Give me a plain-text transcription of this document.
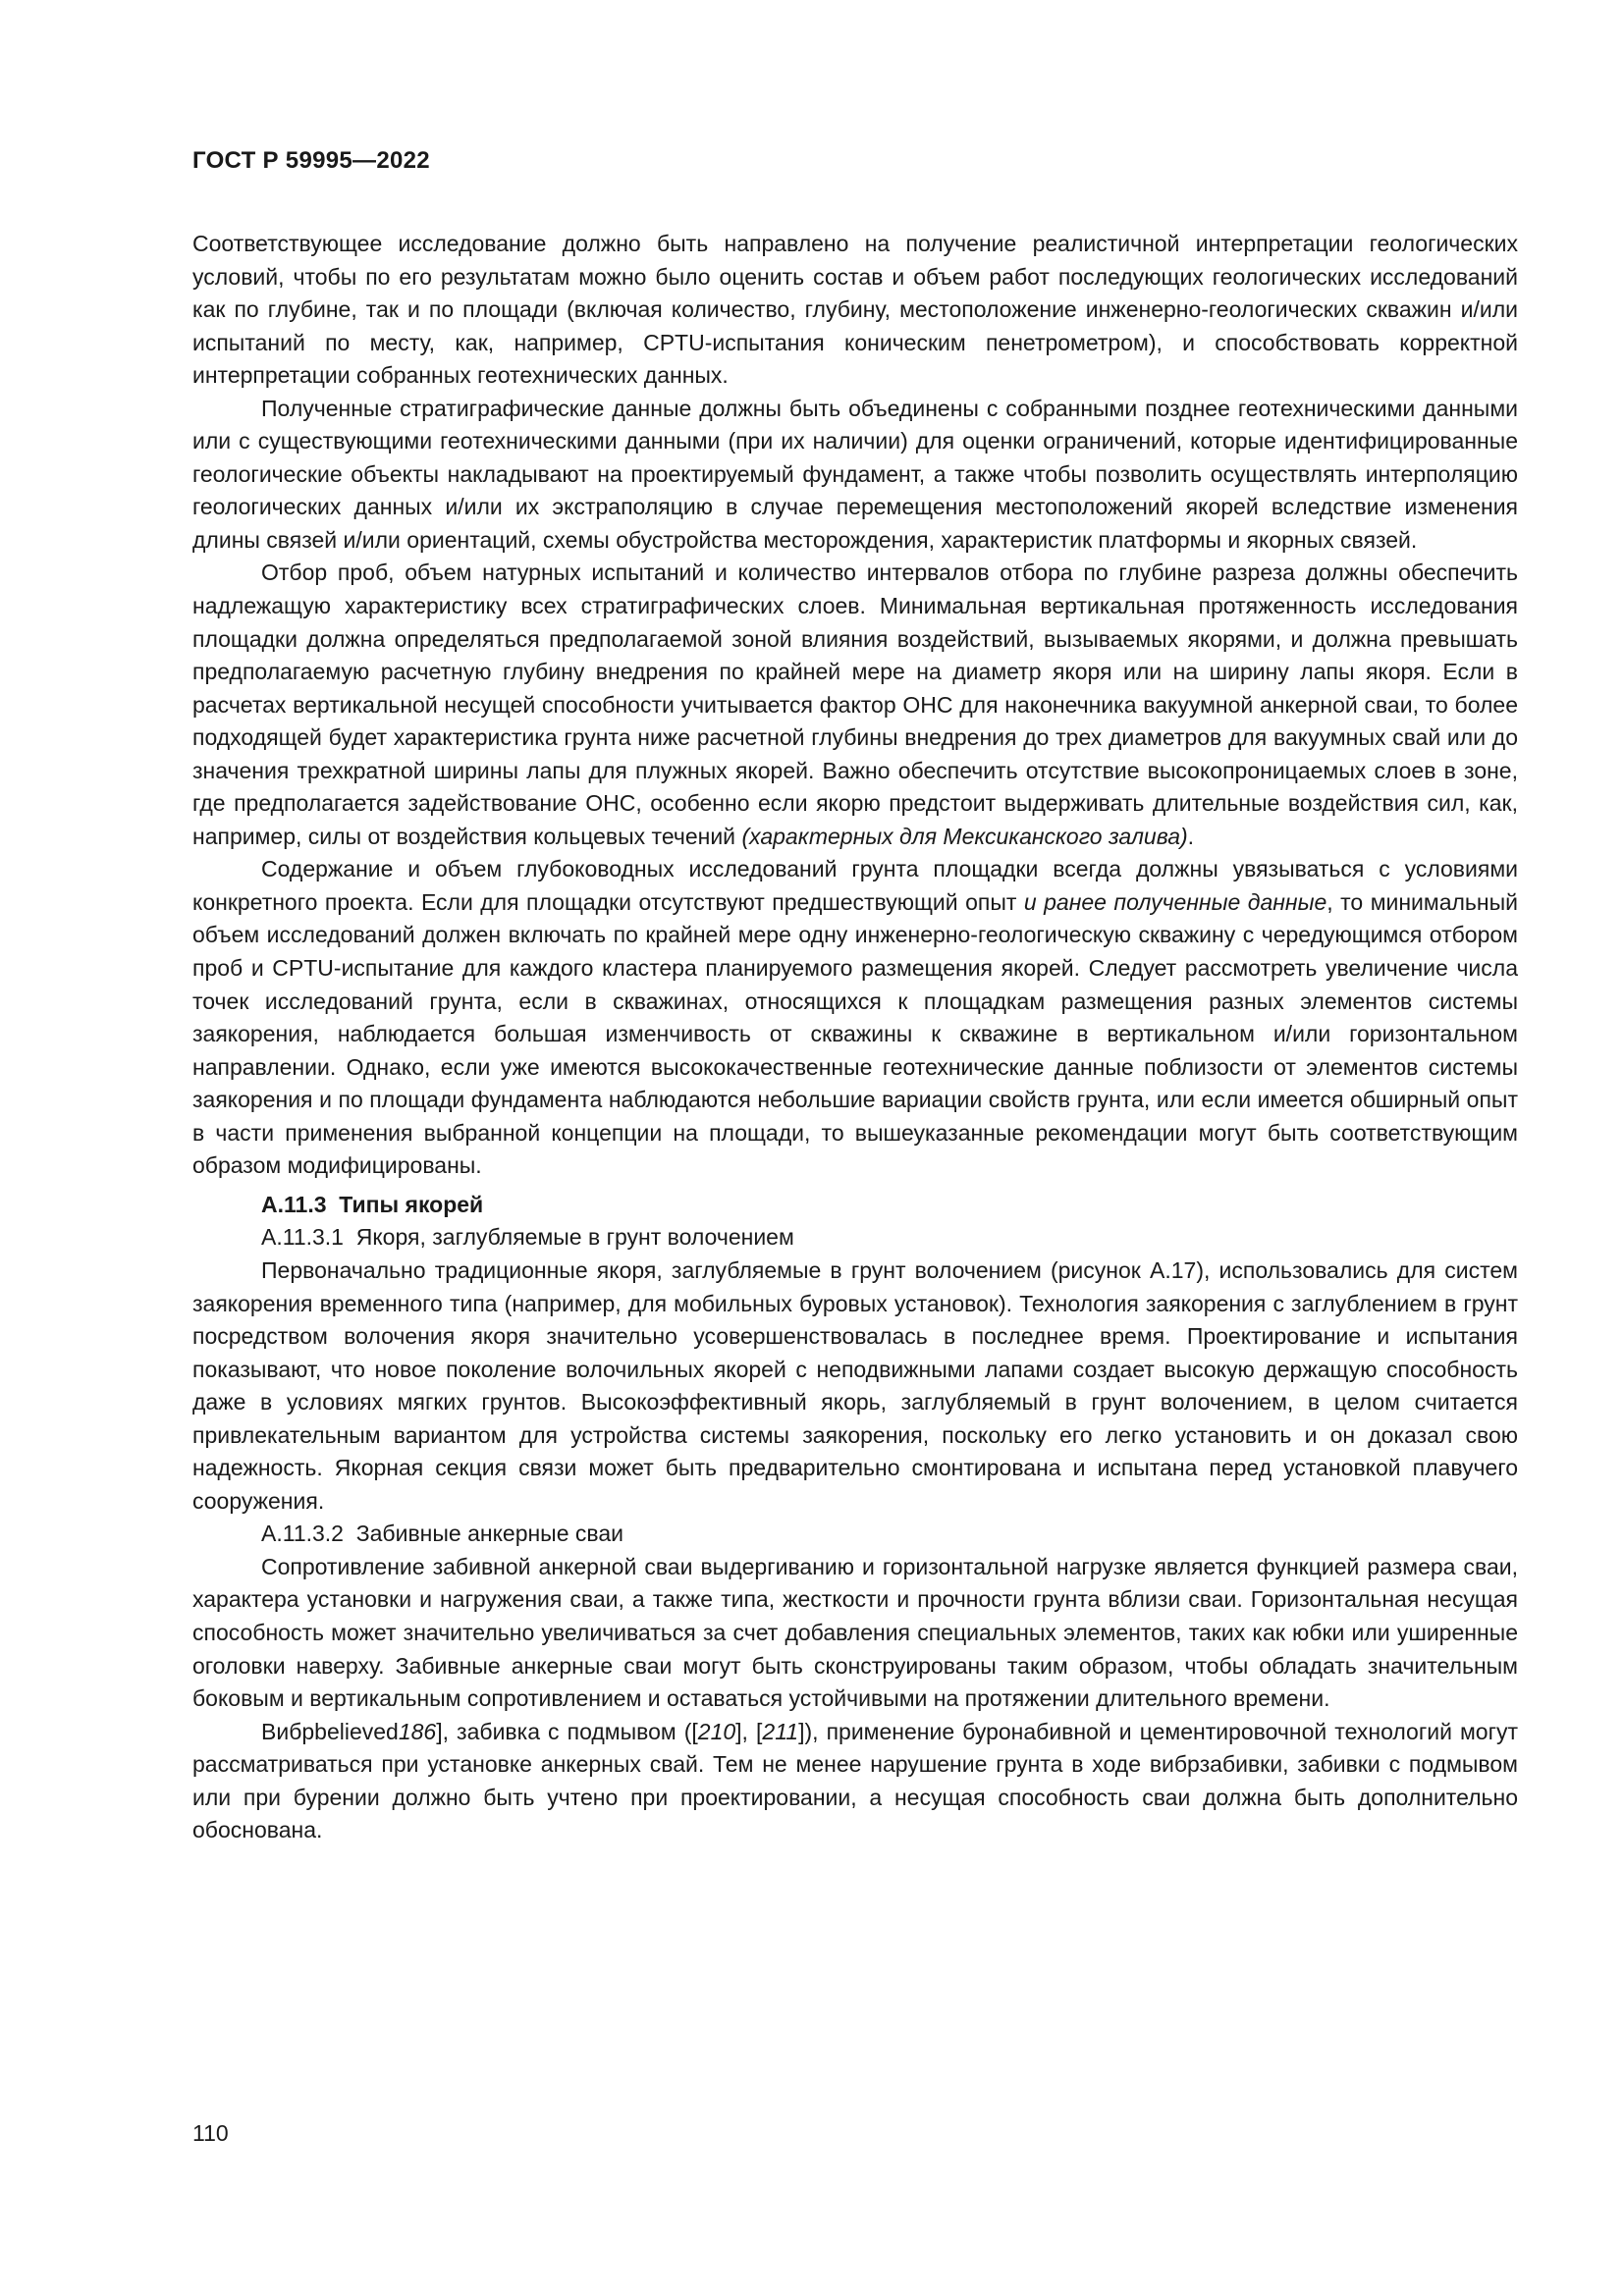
ГОСТ Р 59995—2022

Соответствующее исследование должно быть направлено на получение реалистичной интерпретации геологических условий, чтобы по его результатам можно было оценить состав и объем работ последующих геологических исследований как по глубине, так и по площади (включая количество, глубину, местоположение инженерно-геологических скважин и/или испытаний по месту, как, например, CPTU-испытания коническим пенетрометром), и способствовать корректной интерпретации собранных геотехнических данных.

Полученные стратиграфические данные должны быть объединены с собранными позднее геотехническими данными или с существующими геотехническими данными (при их наличии) для оценки ограничений, которые идентифицированные геологические объекты накладывают на проектируемый фундамент, а также чтобы позволить осуществлять интерполяцию геологических данных и/или их экстраполяцию в случае перемещения местоположений якорей вследствие изменения длины связей и/или ориентаций, схемы обустройства месторождения, характеристик платформы и якорных связей.

Отбор проб, объем натурных испытаний и количество интервалов отбора по глубине разреза должны обеспечить надлежащую характеристику всех стратиграфических слоев. Минимальная вертикальная протяженность исследования площадки должна определяться предполагаемой зоной влияния воздействий, вызываемых якорями, и должна превышать предполагаемую расчетную глубину внедрения по крайней мере на диаметр якоря или на ширину лапы якоря. Если в расчетах вертикальной несущей способности учитывается фактор ОНС для наконечника вакуумной анкерной сваи, то более подходящей будет характеристика грунта ниже расчетной глубины внедрения до трех диаметров для вакуумных свай или до значения трехкратной ширины лапы для плужных якорей. Важно обеспечить отсутствие высокопроницаемых слоев в зоне, где предполагается задействование ОНС, особенно если якорю предстоит выдерживать длительные воздействия сил, как, например, силы от воздействия кольцевых течений (характерных для Мексиканского залива).

Содержание и объем глубоководных исследований грунта площадки всегда должны увязываться с условиями конкретного проекта. Если для площадки отсутствуют предшествующий опыт и ранее полученные данные, то минимальный объем исследований должен включать по крайней мере одну инженерно-геологическую скважину с чередующимся отбором проб и CPTU-испытание для каждого кластера планируемого размещения якорей. Следует рассмотреть увеличение числа точек исследований грунта, если в скважинах, относящихся к площадкам размещения разных элементов системы заякорения, наблюдается большая изменчивость от скважины к скважине в вертикальном и/или горизонтальном направлении. Однако, если уже имеются высококачественные геотехнические данные поблизости от элементов системы заякорения и по площади фундамента наблюдаются небольшие вариации свойств грунта, или если имеется обширный опыт в части применения выбранной концепции на площади, то вышеуказанные рекомендации могут быть соответствующим образом модифицированы.

А.11.3 Типы якорей

А.11.3.1  Якоря, заглубляемые в грунт волочением

Первоначально традиционные якоря, заглубляемые в грунт волочением (рисунок А.17), использовались для систем заякорения временного типа (например, для мобильных буровых установок). Технология заякорения с заглублением в грунт посредством волочения якоря значительно усовершенствовалась в последнее время. Проектирование и испытания показывают, что новое поколение волочильных якорей с неподвижными лапами создает высокую держащую способность даже в условиях мягких грунтов. Высокоэффективный якорь, заглубляемый в грунт волочением, в целом считается привлекательным вариантом для устройства системы заякорения, поскольку его легко установить и он доказал свою надежность. Якорная секция связи может быть предварительно смонтирована и испытана перед установкой плавучего сооружения.

А.11.3.2  Забивные анкерные сваи

Сопротивление забивной анкерной сваи выдергиванию и горизонтальной нагрузке является функцией размера сваи, характера установки и нагружения сваи, а также типа, жесткости и прочности грунта вблизи сваи. Горизонтальная несущая способность может значительно увеличиваться за счет добавления специальных элементов, таких как юбки или уширенные оголовки наверху. Забивные анкерные сваи могут быть сконструированы таким образом, чтобы обладать значительным боковым и вертикальным сопротивлением и оставаться устойчивыми на протяжении длительного времени.

Вибрbelieved186], забивка с подмывом ([210], [211]), применение буронабивной и цементировочной технологий могут рассматриваться при установке анкерных свай. Тем не менее нарушение грунта в ходе вибрзабивки, забивки с подмывом или при бурении должно быть учтено при проектировании, а несущая способность сваи должна быть дополнительно обоснована.

110
